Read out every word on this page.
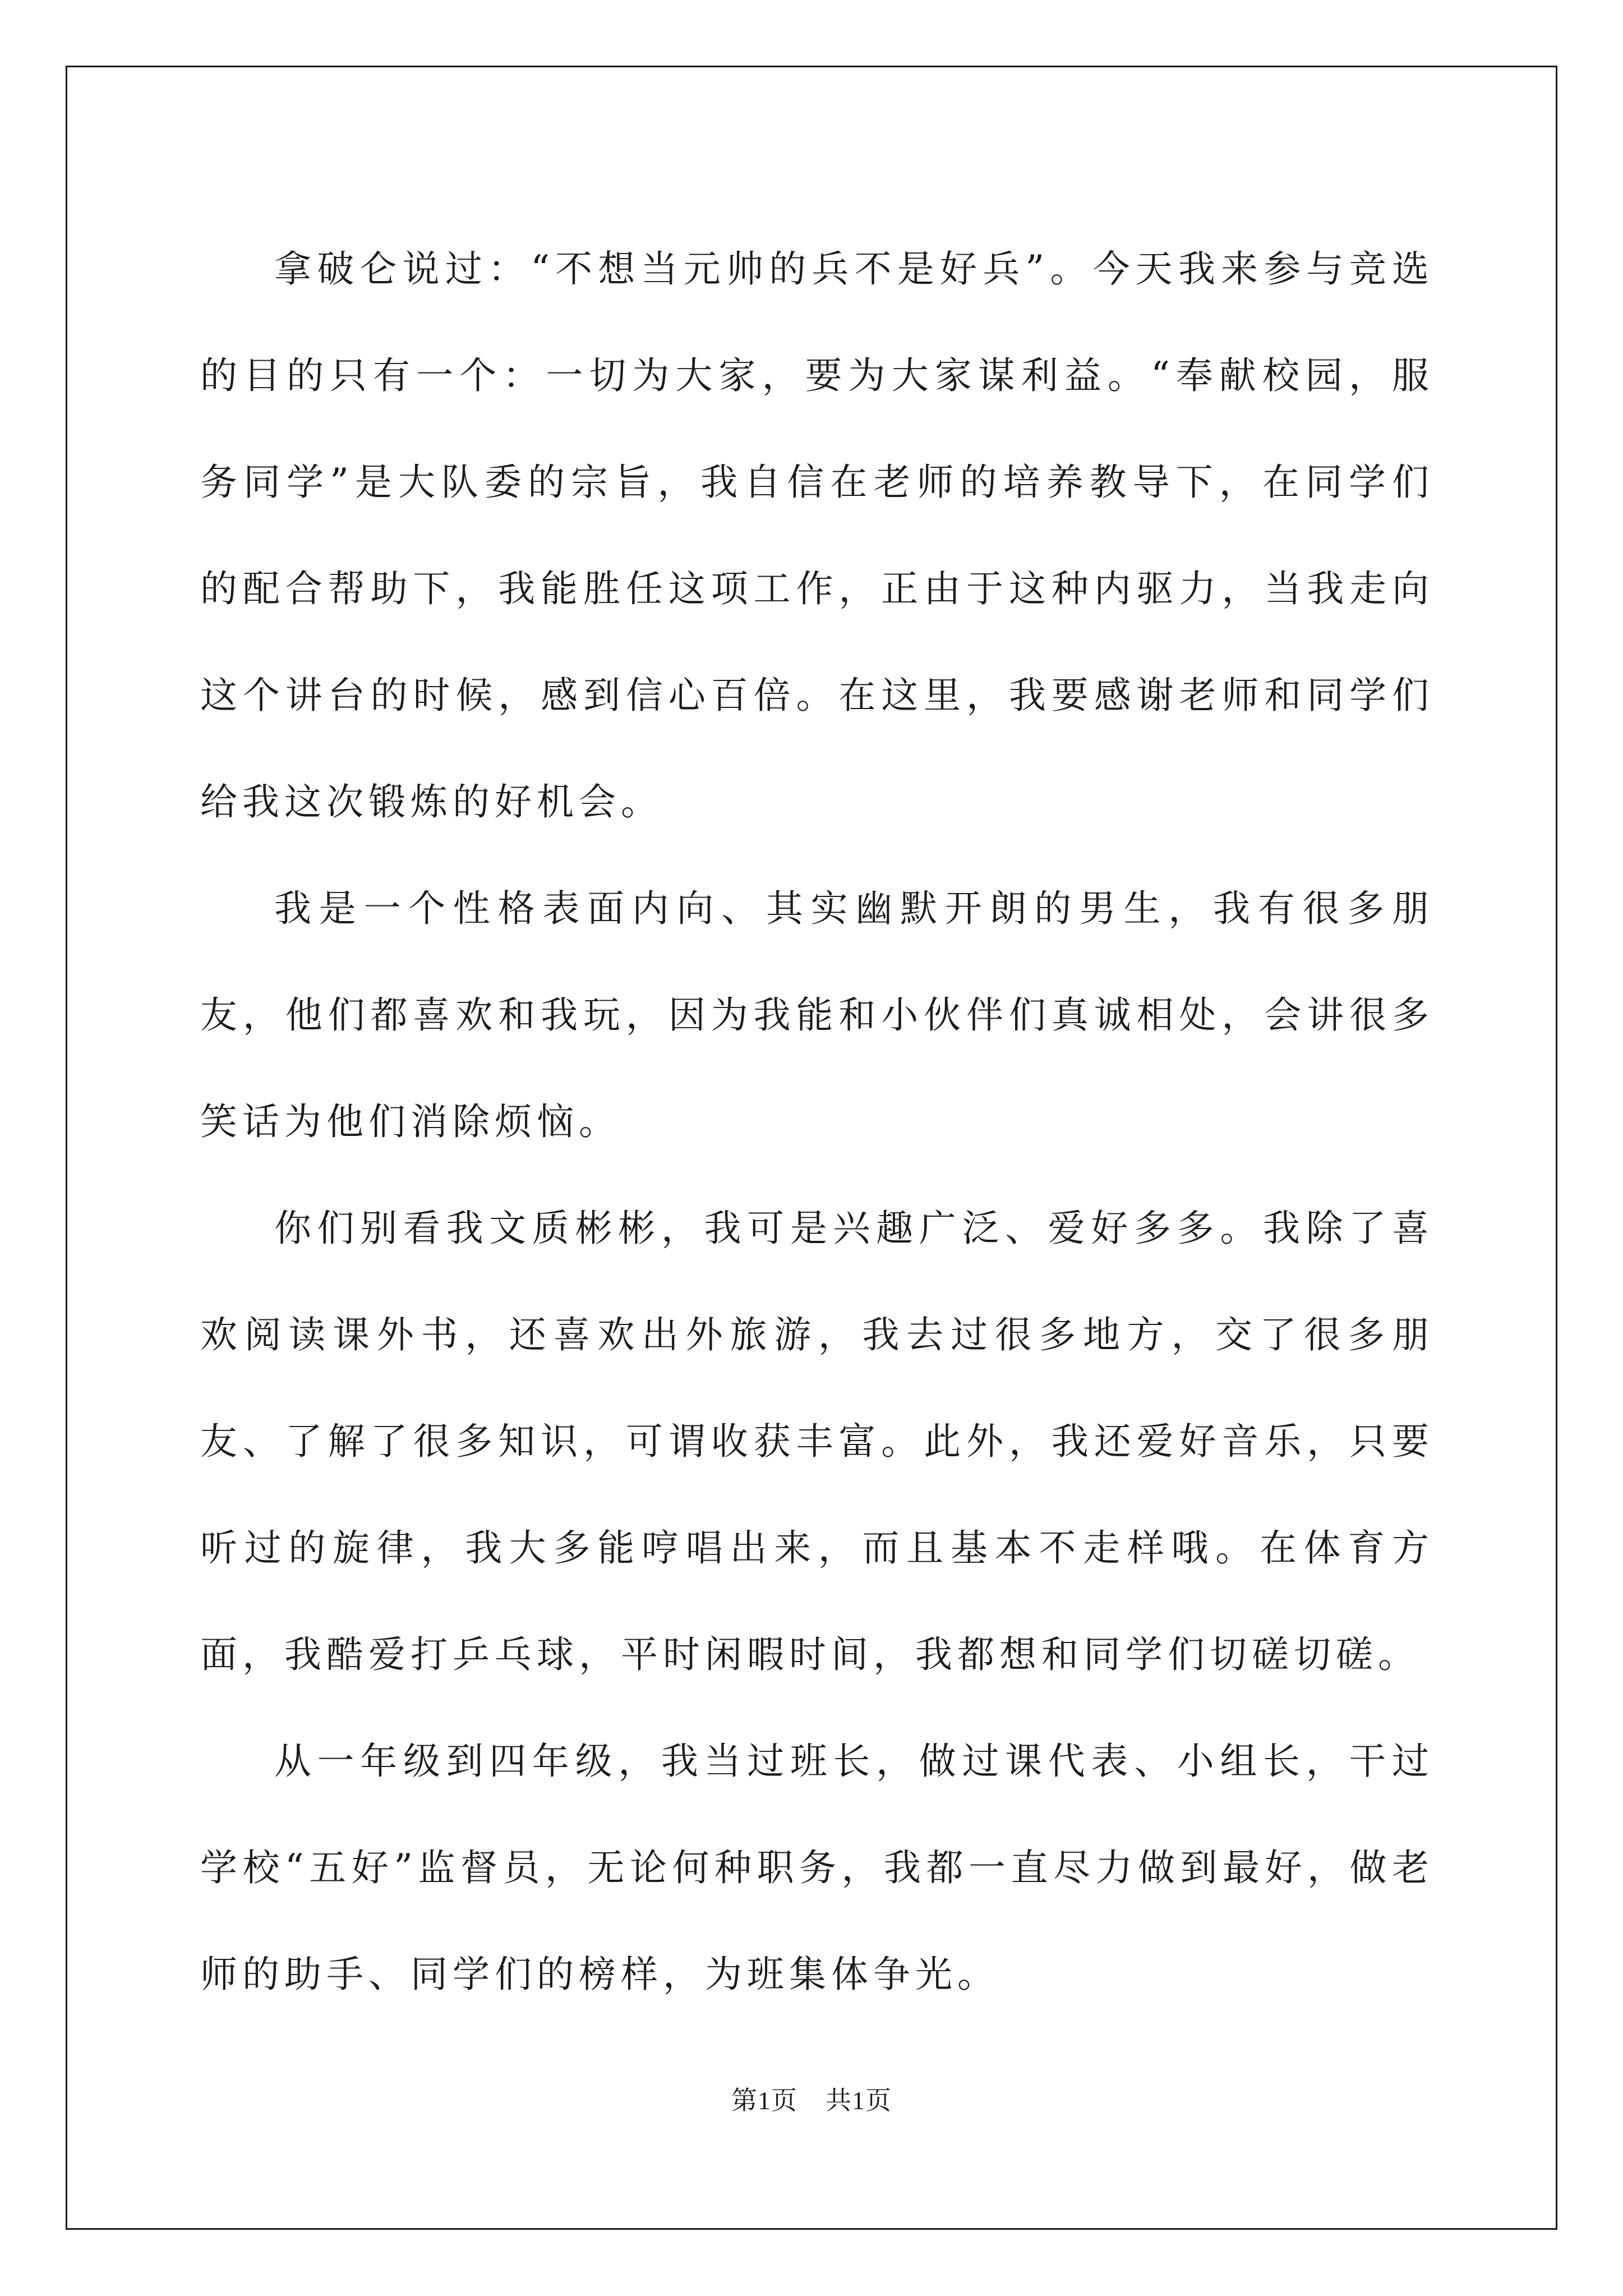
拿破仑说过：“不想当元帅的兵不是好兵”。今天我来参与竞选的目的只有一个：一切为大家，要为大家谋利益。“奉献校园，服务同学”是大队委的宗旨，我自信在老师的培养教导下，在同学们的配合帮助下，我能胜任这项工作，正由于这种内驱力，当我走向这个讲台的时候，感到信心百倍。在这里，我要感谢老师和同学们给我这次锻炼的好机会。

我是一个性格表面内向、其实幽默开朗的男生，我有很多朋友，他们都喜欢和我玩，因为我能和小伙伴们真诚相处，会讲很多笑话为他们消除烦恼。

你们别看我文质彬彬，我可是兴趣广泛、爱好多多。我除了喜欢阅读课外书，还喜欢出外旅游，我去过很多地方，交了很多朋友、了解了很多知识，可谓收获丰富。此外，我还爱好音乐，只要听过的旋律，我大多能哼唱出来，而且基本不走样哦。在体育方面，我酷爱打乒乓球，平时闲暇时间，我都想和同学们切磋切磋。

从一年级到四年级，我当过班长，做过课代表、小组长，干过学校“五好”监督员，无论何种职务，我都一直尽力做到最好，做老师的助手、同学们的榜样，为班集体争光。

第1页 共1页
